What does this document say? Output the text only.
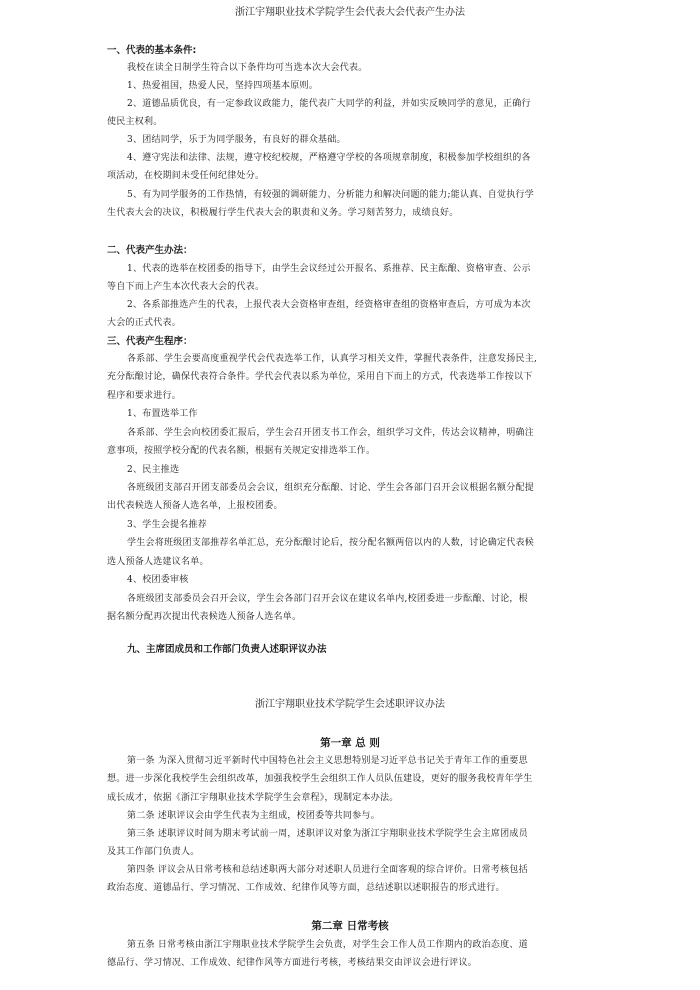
浙江宇翔职业技术学院学生会代表大会代表产生办法
一、代表的基本条件:
我校在读全日制学生符合以下条件均可当选本次大会代表。
1、热爱祖国，热爱人民，坚持四项基本原则。
2、道德品质优良，有一定参政议政能力，能代表广大同学的利益，并如实反映同学的意见，正确行
使民主权利。
3、团结同学，乐于为同学服务，有良好的群众基础。
4、遵守宪法和法律、法规，遵守校纪校规，严格遵守学校的各项规章制度，积极参加学校组织的各
项活动，在校期间未受任何纪律处分。
5、有为同学服务的工作热情，有较强的调研能力、分析能力和解决问题的能力;能认真、自觉执行学
生代表大会的决议，积极履行学生代表大会的职责和义务。学习刻苦努力，成绩良好。
二、代表产生办法：
1、代表的选举在校团委的指导下，由学生会议经过公开报名、系推荐、民主酝酿、资格审查、公示
等自下而上产生本次代表大会的代表。
2、各系部推选产生的代表，上报代表大会资格审查组，经资格审查组的资格审查后，方可成为本次
大会的正式代表。
三、代表产生程序：
各系部、学生会要高度重视学代会代表选举工作，认真学习相关文件，掌握代表条件，注意发扬民主,
充分酝酿讨论，确保代表符合条件。学代会代表以系为单位，采用自下而上的方式，代表选举工作按以下
程序和要求进行。
1、布置选举工作
各系部、学生会向校团委汇报后，学生会召开团支书工作会，组织学习文件，传达会议精神，明确注
意事项，按照学校分配的代表名额，根据有关规定安排选举工作。
2、民主推选
各班级团支部召开团支部委员会会议，组织充分酝酿、讨论、学生会各部门召开会议根据名额分配提
出代表候选人预备人选名单，上报校团委。
3、学生会提名推荐
学生会将班级团支部推荐名单汇总，充分酝酿讨论后，按分配名额两倍以内的人数，讨论确定代表候
选人预备人选建议名单。
4、校团委审核
各班级团支部委员会召开会议，学生会各部门召开会议在建议名单内,校团委进一步酝酿、讨论，根
据名额分配再次提出代表候选人预备人选名单。
九、主席团成员和工作部门负责人述职评议办法
浙江宇翔职业技术学院学生会述职评议办法
第一章 总 则
第一条 为深入贯彻习近平新时代中国特色社会主义思想特别是习近平总书记关于青年工作的重要思
想。进一步深化我校学生会组织改革，加强我校学生会组织工作人员队伍建设，更好的服务我校青年学生
成长成才，依据《浙江宇翔职业技术学院学生会章程》，现制定本办法。
第二条 述职评议会由学生代表为主组成，校团委等共同参与。
第三条 述职评议时间为期末考试前一周，述职评议对象为浙江宇翔职业技术学院学生会主席团成员
及其工作部门负责人。
第四条 评议会从日常考核和总结述职两大部分对述职人员进行全面客观的综合评价。日常考核包括
政治态度、道德品行、学习情况、工作成效、纪律作风等方面，总结述职以述职报告的形式进行。
第二章 日常考核
第五条 日常考核由浙江宇翔职业技术学院学生会负责，对学生会工作人员工作期内的政治态度、道
德品行、学习情况、工作成效、纪律作风等方面进行考核，考核结果交由评议会进行评议。
